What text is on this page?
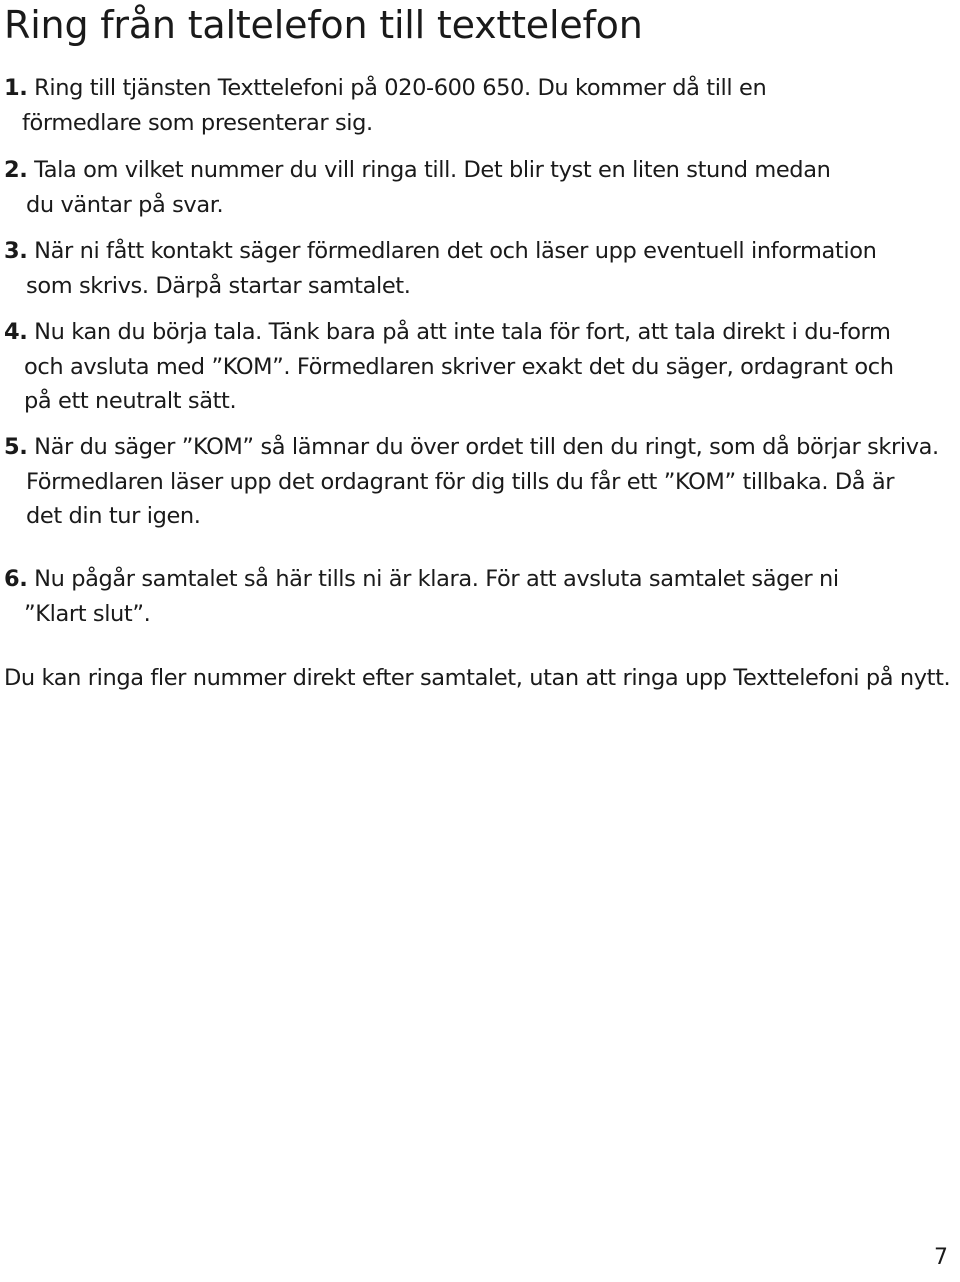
Ring från taltelefon till texttelefon
1. Ring till tjänsten Texttelefoni på 020-600 650. Du kommer då till en
förmedlare som presenterar sig.
2. Tala om vilket nummer du vill ringa till. Det blir tyst en liten stund medan
du väntar på svar.
3. När ni fått kontakt säger förmedlaren det och läser upp eventuell information
som skrivs. Därpå startar samtalet.
4. Nu kan du börja tala. Tänk bara på att inte tala för fort, att tala direkt i du-form
och avsluta med ”KOM”. Förmedlaren skriver exakt det du säger, ordagrant och
på ett neutralt sätt.
5. När du säger ”KOM” så lämnar du över ordet till den du ringt, som då börjar skriva.
Förmedlaren läser upp det ordagrant för dig tills du får ett ”KOM” tillbaka. Då är
det din tur igen.
6. Nu pågår samtalet så här tills ni är klara. För att avsluta samtalet säger ni
”Klart slut”.

Du kan ringa fler nummer direkt efter samtalet, utan att ringa upp Texttelefoni på nytt.

7
